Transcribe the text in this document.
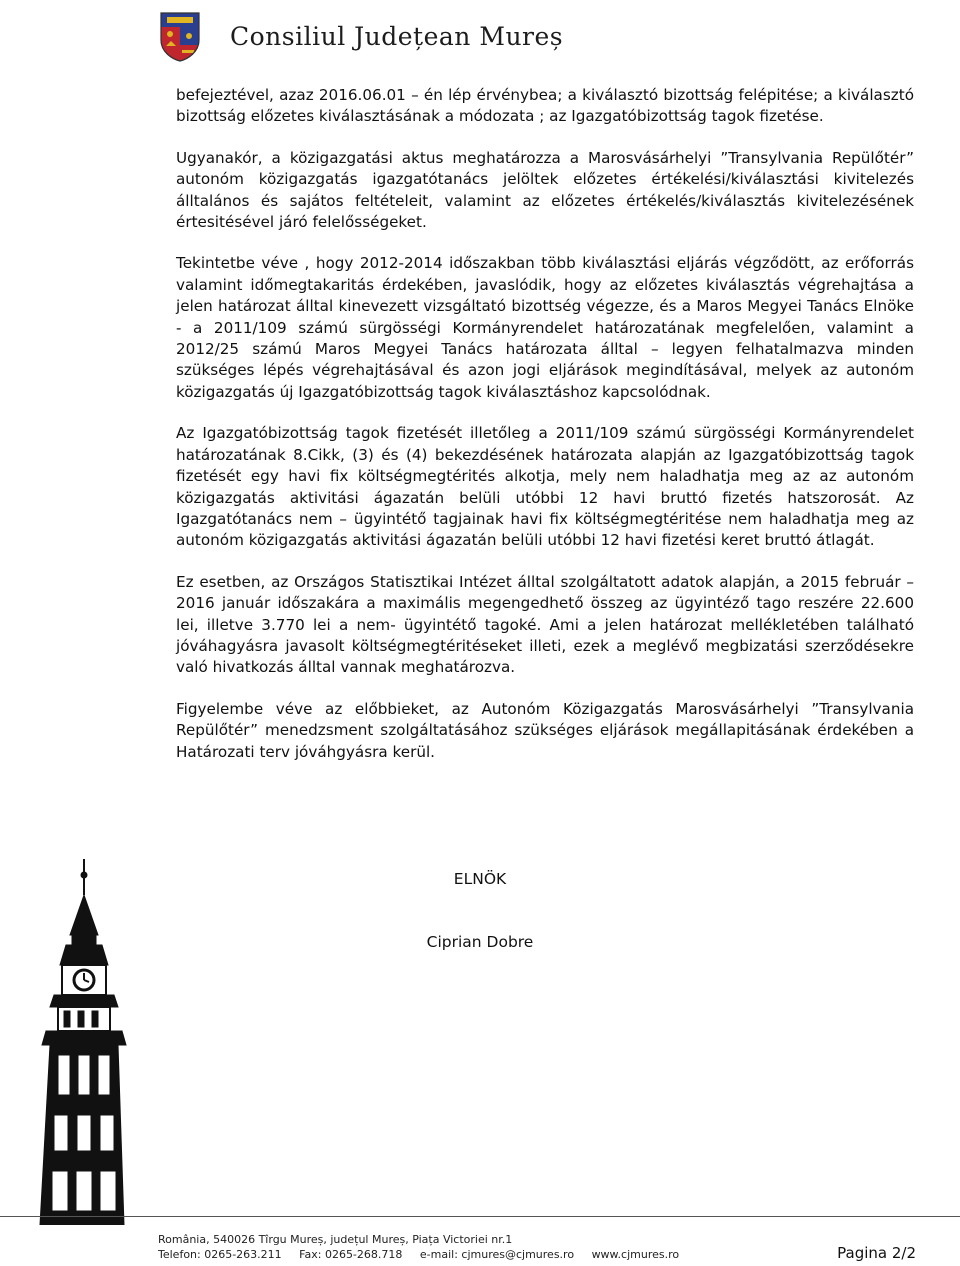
Consiliul Județean Mureș

befejeztével, azaz 2016.06.01 – én lép érvénybea; a kiválasztó bizottság felépitése; a kiválasztó bizottság előzetes kiválasztásának a módozata ; az Igazgatóbizottság tagok fizetése.

Ugyanakór, a közigazgatási aktus meghatározza a Marosvásárhelyi ”Transylvania Repülőtér” autonóm közigazgatás igazgatótanács jelöltek előzetes értékelési/kiválasztási kivitelezés álltalános és sajátos feltételeit, valamint az előzetes értékelés/kiválasztás kivitelezésének értesitésével járó felelősségeket.

Tekintetbe véve , hogy 2012-2014 időszakban több kiválasztási eljárás végződött, az erőforrás valamint időmegtakaritás érdekében, javaslódik, hogy az előzetes kiválasztás végrehajtása a jelen határozat álltal kinevezett vizsgáltató bizottség végezze, és a Maros Megyei Tanács Elnöke - a 2011/109 számú sürgösségi Kormányrendelet határozatának megfelelően, valamint a 2012/25 számú Maros Megyei Tanács határozata álltal – legyen felhatalmazva minden szükséges lépés végrehajtásával és azon jogi eljárások megindításával, melyek az autonóm közigazgatás új Igazgatóbizottság tagok kiválasztáshoz kapcsolódnak.

Az Igazgatóbizottság tagok fizetését illetőleg a 2011/109 számú sürgösségi Kormányrendelet határozatának 8.Cikk, (3) és (4) bekezdésének határozata alapján az Igazgatóbizottság tagok fizetését egy havi fix költségmegtérités alkotja, mely nem haladhatja meg az az autonóm közigazgatás aktivitási ágazatán belüli utóbbi 12 havi bruttó fizetés hatszorosát. Az Igazgatótanács nem – ügyintétő tagjainak havi fix költségmegtéritése nem haladhatja meg az autonóm közigazgatás aktivitási ágazatán belüli utóbbi 12 havi fizetési keret bruttó átlagát.

Ez esetben, az Országos Statisztikai Intézet álltal szolgáltatott adatok alapján, a 2015 február – 2016 január időszakára a maximális megengedhető összeg az ügyintéző tago reszére 22.600 lei, illetve 3.770 lei a nem- ügyintétő tagoké. Ami a jelen határozat mellékletében található jóváhagyásra javasolt költségmegtéritéseket illeti, ezek a meglévő megbizatási szerződésekre való hivatkozás álltal vannak meghatározva.

Figyelembe véve az előbbieket, az Autonóm Közigazgatás Marosvásárhelyi ”Transylvania Repülőtér” menedzsment szolgáltatásához szükséges eljárások megállapitásának érdekében a Határozati terv jóváhgyásra kerül.

ELNÖK
Ciprian Dobre
România, 540026 Tîrgu Mureș, județul Mureș, Piața Victoriei nr.1
Telefon: 0265-263.211 Fax: 0265-268.718 e-mail: cjmures@cjmures.ro www.cjmures.ro	Pagina 2/2
